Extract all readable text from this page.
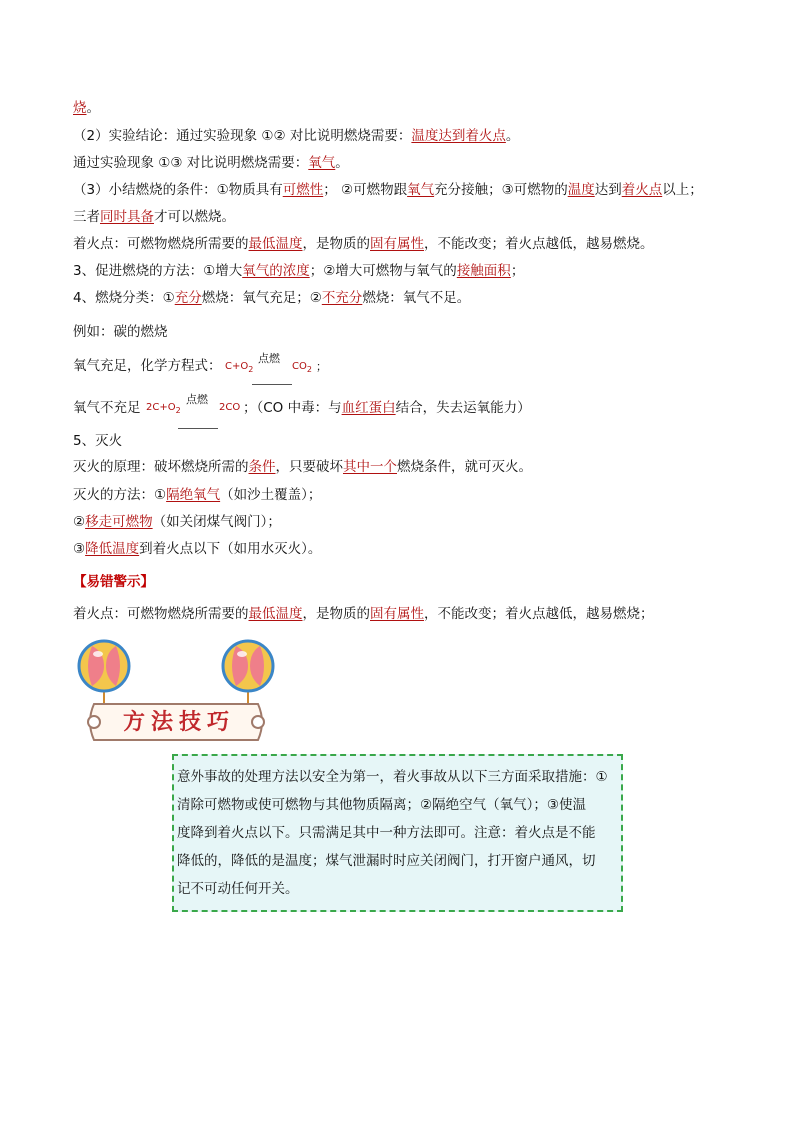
烧。
（2）实验结论：通过实验现象 ①② 对比说明燃烧需要：温度达到着火点。
通过实验现象 ①③ 对比说明燃烧需要：氧气。
（3）小结燃烧的条件：①物质具有可燃性； ②可燃物跟氧气充分接触；③可燃物的温度达到着火点以上；
三者同时具备才可以燃烧。
着火点：可燃物燃烧所需要的最低温度，是物质的固有属性，不能改变；着火点越低，越易燃烧。
3、促进燃烧的方法：①增大氧气的浓度；②增大可燃物与氧气的接触面积；
4、燃烧分类：①充分燃烧：氧气充足；②不充分燃烧：氧气不足。
例如：碳的燃烧
氧气充足，化学方程式： $C+O_2$
点燃
$CO_2$ ；
氧气不充足 $2C+O_2$
点燃
2CO ；（CO 中毒：与血红蛋白结合，失去运氧能力）
5、灭火
灭火的原理：破坏燃烧所需的条件，只要破坏其中一个燃烧条件，就可灭火。
灭火的方法：①隔绝氧气（如沙土覆盖）；
②移走可燃物（如关闭煤气阀门）；
③降低温度到着火点以下（如用水灭火）。
【易错警示】
着火点：可燃物燃烧所需要的最低温度，是物质的固有属性，不能改变；着火点越低，越易燃烧；
方法技巧
意外事故的处理方法以安全为第一，着火事故从以下三方面采取措施：①
清除可燃物或使可燃物与其他物质隔离；②隔绝空气（氧气）；③使温
度降到着火点以下。只需满足其中一种方法即可。注意：着火点是不能
降低的，降低的是温度；煤气泄漏时时应关闭阀门，打开窗户通风，切
记不可动任何开关。
